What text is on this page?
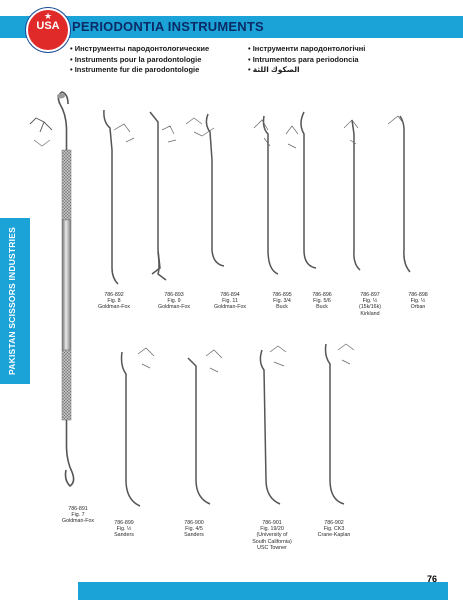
★
USA PERIODONTIA INSTRUMENTS
• Инструменты пародонтологические
• Instruments pour la parodontologie
• Instrumente fur die parodontologie
• Інструменти пародонтологічні
• Intrumentos para periodoncia
• الصكوك اللثة
PAKISTAN SCISSORS INDUSTRIES	786-892
Fig. 8
Goldman-Fox
786-893
Fig. 9
Goldman-Fox
786-894
Fig. 11
Goldman-Fox
786-895
Fig. 3/4
Buck
786-896
Fig. 5/6
Buck
786-897
Fig. ½
(15k/16k)
Kirkland
786-898
Fig. ½
Orban
786-891
Fig. 7
Goldman-Fox	786-899
Fig. ½
Sanders
786-900
Fig. 4/5
Sanders
786-901
Fig. 19/20
(University of
South California)
USC Towner
786-902
Fig. CK3
Crane-Kaplan
76
